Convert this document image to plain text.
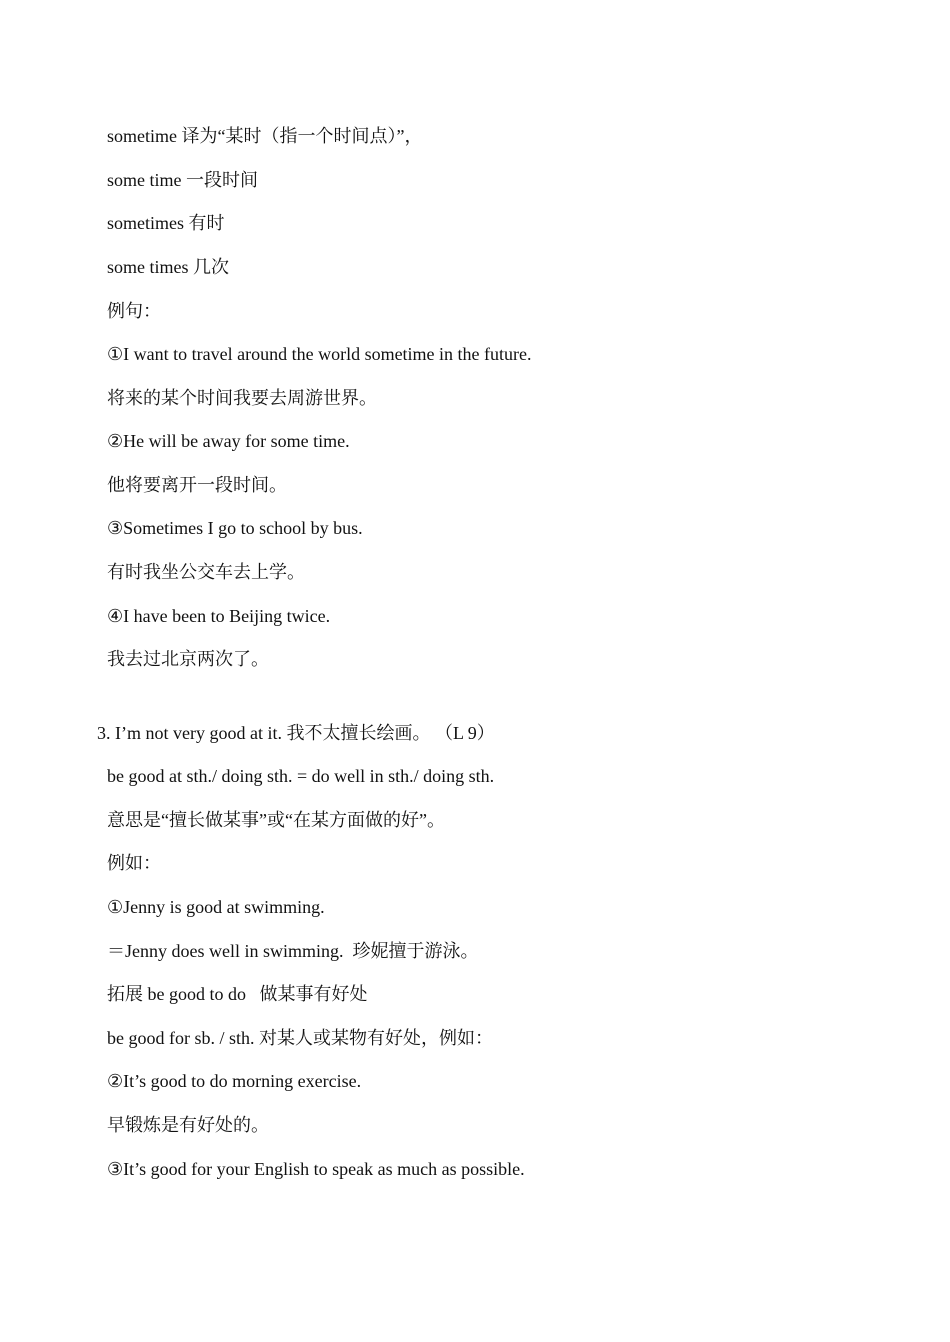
sometime 译为“某时（指一个时间点）”，
some time 一段时间
sometimes 有时
some times 几次
例句：
①I want to travel around the world sometime in the future.
将来的某个时间我要去周游世界。
②He will be away for some time.
他将要离开一段时间。
③Sometimes I go to school by bus.
有时我坐公交车去上学。
④I have been to Beijing twice.
我去过北京两次了。
3. I’m not very good at it. 我不太擅长绘画。 （L 9）
be good at sth./ doing sth. = do well in sth./ doing sth.
意思是“擅长做某事”或“在某方面做的好”。
例如：
①Jenny is good at swimming.
＝Jenny does well in swimming.  珍妮擅于游泳。
拓展 be good to do   做某事有好处
be good for sb. / sth. 对某人或某物有好处，例如：
②It’s good to do morning exercise.
早锻炼是有好处的。
③It’s good for your English to speak as much as possible.
